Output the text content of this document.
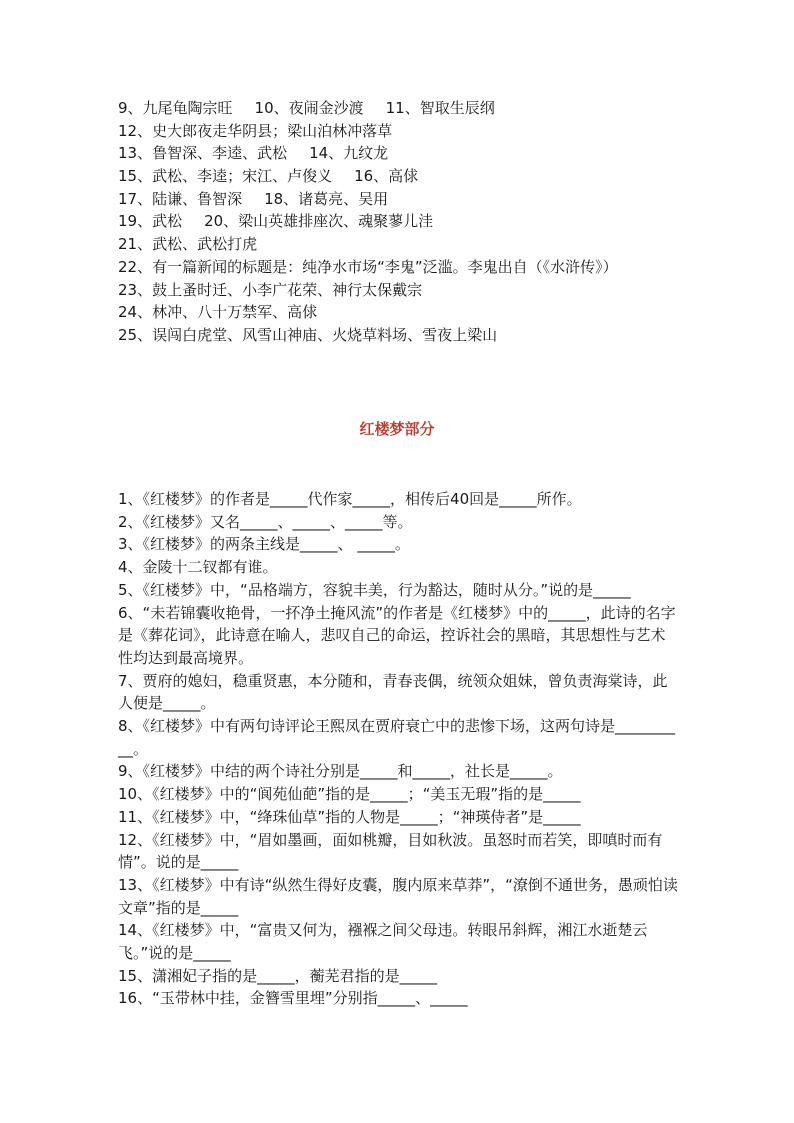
9、九尾龟陶宗旺 10、夜闹金沙渡 11、智取生辰纲
12、史大郎夜走华阴县；梁山泊林冲落草
13、鲁智深、李逵、武松 14、九纹龙
15、武松、李逵；宋江、卢俊义 16、高俅
17、陆谦、鲁智深 18、诸葛亮、吴用
19、武松 20、梁山英雄排座次、魂聚蓼儿洼
21、武松、武松打虎
22、有一篇新闻的标题是：纯净水市场“李鬼”泛滥。李鬼出自（《水浒传》）
23、鼓上蚤时迁、小李广花荣、神行太保戴宗
24、林冲、八十万禁军、高俅
25、误闯白虎堂、风雪山神庙、火烧草料场、雪夜上梁山
红楼梦部分

1、《红楼梦》的作者是_____代作家_____，相传后40回是_____所作。

2、《红楼梦》又名_____、_____、_____等。

3、《红楼梦》的两条主线是_____、 _____。

4、金陵十二钗都有谁。

5、《红楼梦》中，“品格端方，容貌丰美，行为豁达，随时从分。”说的是_____

6、“未若锦囊收艳骨，一抔净土掩风流”的作者是《红楼梦》中的_____，此诗的名字是《葬花词》，此诗意在喻人，悲叹自己的命运，控诉社会的黑暗，其思想性与艺术性均达到最高境界。

7、贾府的媳妇，稳重贤惠，本分随和，青春丧偶，统领众姐妹，曾负责海棠诗，此人便是_____。

8、《红楼梦》中有两句诗评论王熙凤在贾府衰亡中的悲惨下场，这两句诗是__________。

9、《红楼梦》中结的两个诗社分别是_____和_____，社长是_____。

10、《红楼梦》中的“阆苑仙葩”指的是_____；“美玉无瑕”指的是_____

11、《红楼梦》中，“绛珠仙草”指的人物是_____；“神瑛侍者”是_____

12、《红楼梦》中，“眉如墨画，面如桃瓣，目如秋波。虽怒时而若笑，即嗔时而有情”。说的是_____

13、《红楼梦》中有诗“纵然生得好皮囊，腹内原来草莽”，“潦倒不通世务，愚顽怕读文章”指的是_____

14、《红楼梦》中，“富贵又何为，襁褓之间父母违。转眼吊斜辉，湘江水逝楚云飞。”说的是_____

15、潇湘妃子指的是_____，蘅芜君指的是_____

16、“玉带林中挂，金簪雪里埋”分别指_____、_____
